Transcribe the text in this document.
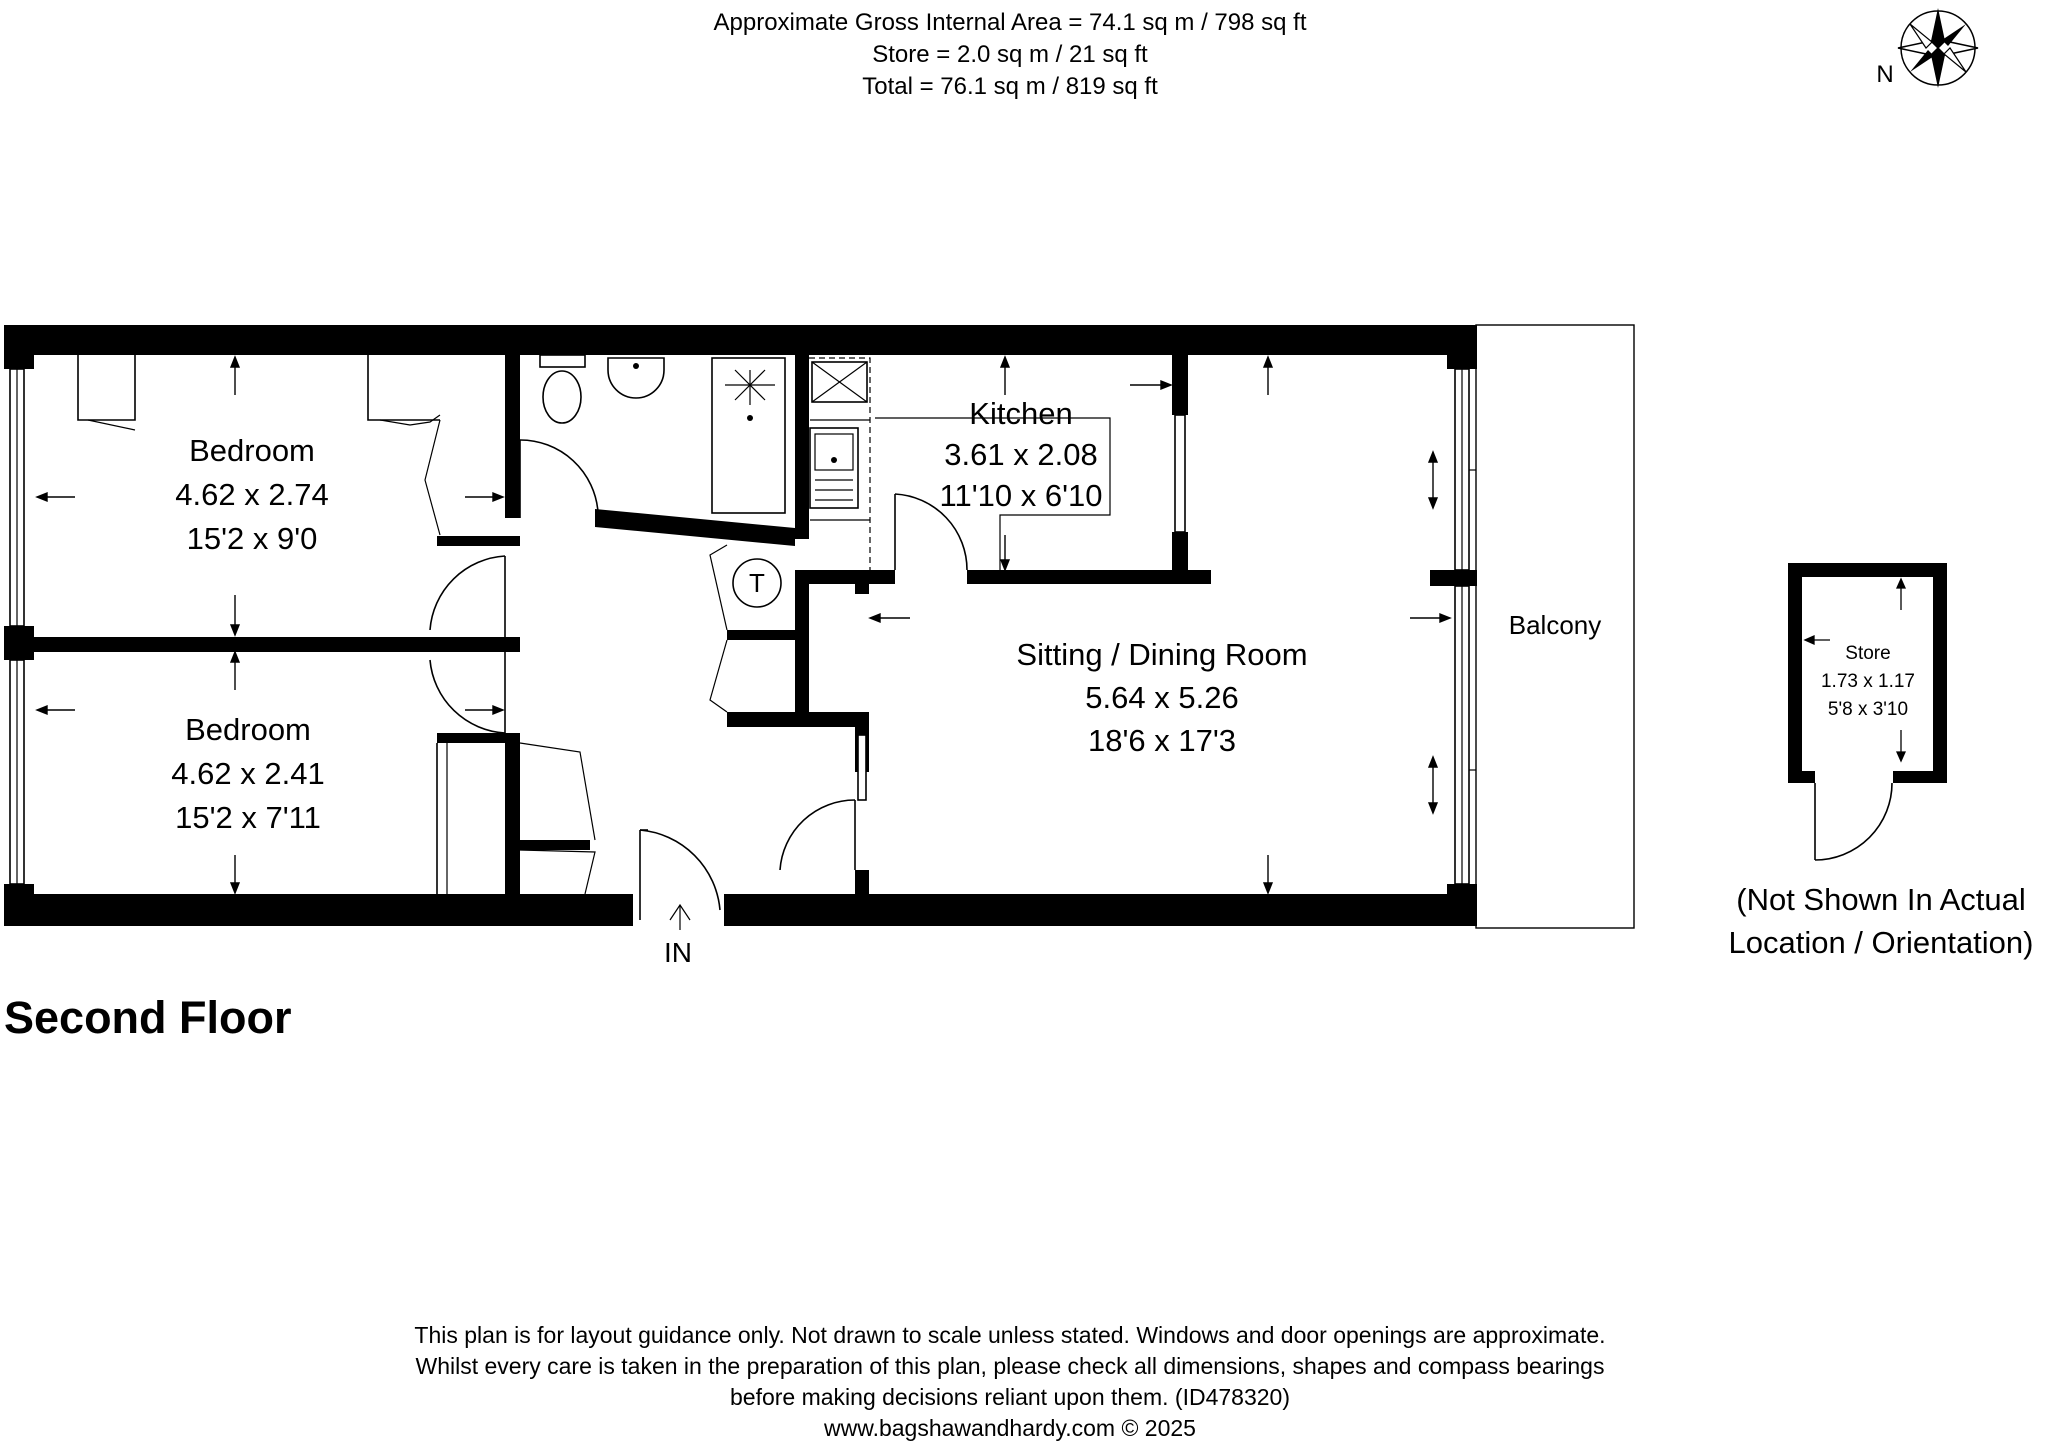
Approximate Gross Internal Area = 74.1 sq m / 798 sq ft
Store = 2.0 sq m / 21 sq ft
Total = 76.1 sq m / 819 sq ft	N
Balcony
T
IN
Bedroom
4.62 x 2.74
15'2 x 9'0
Bedroom
4.62 x 2.41
15'2 x 7'11
Kitchen
3.61 x 2.08
11'10 x 6'10
Sitting / Dining Room
5.64 x 5.26
18'6 x 17'3
Store
1.73 x 1.17
5'8 x 3'10
(Not Shown In Actual
Location / Orientation)
Second Floor
This plan is for layout guidance only. Not drawn to scale unless stated. Windows and door openings are approximate.
Whilst every care is taken in the preparation of this plan, please check all dimensions, shapes and compass bearings
before making decisions reliant upon them. (ID478320)
www.bagshawandhardy.com © 2025
